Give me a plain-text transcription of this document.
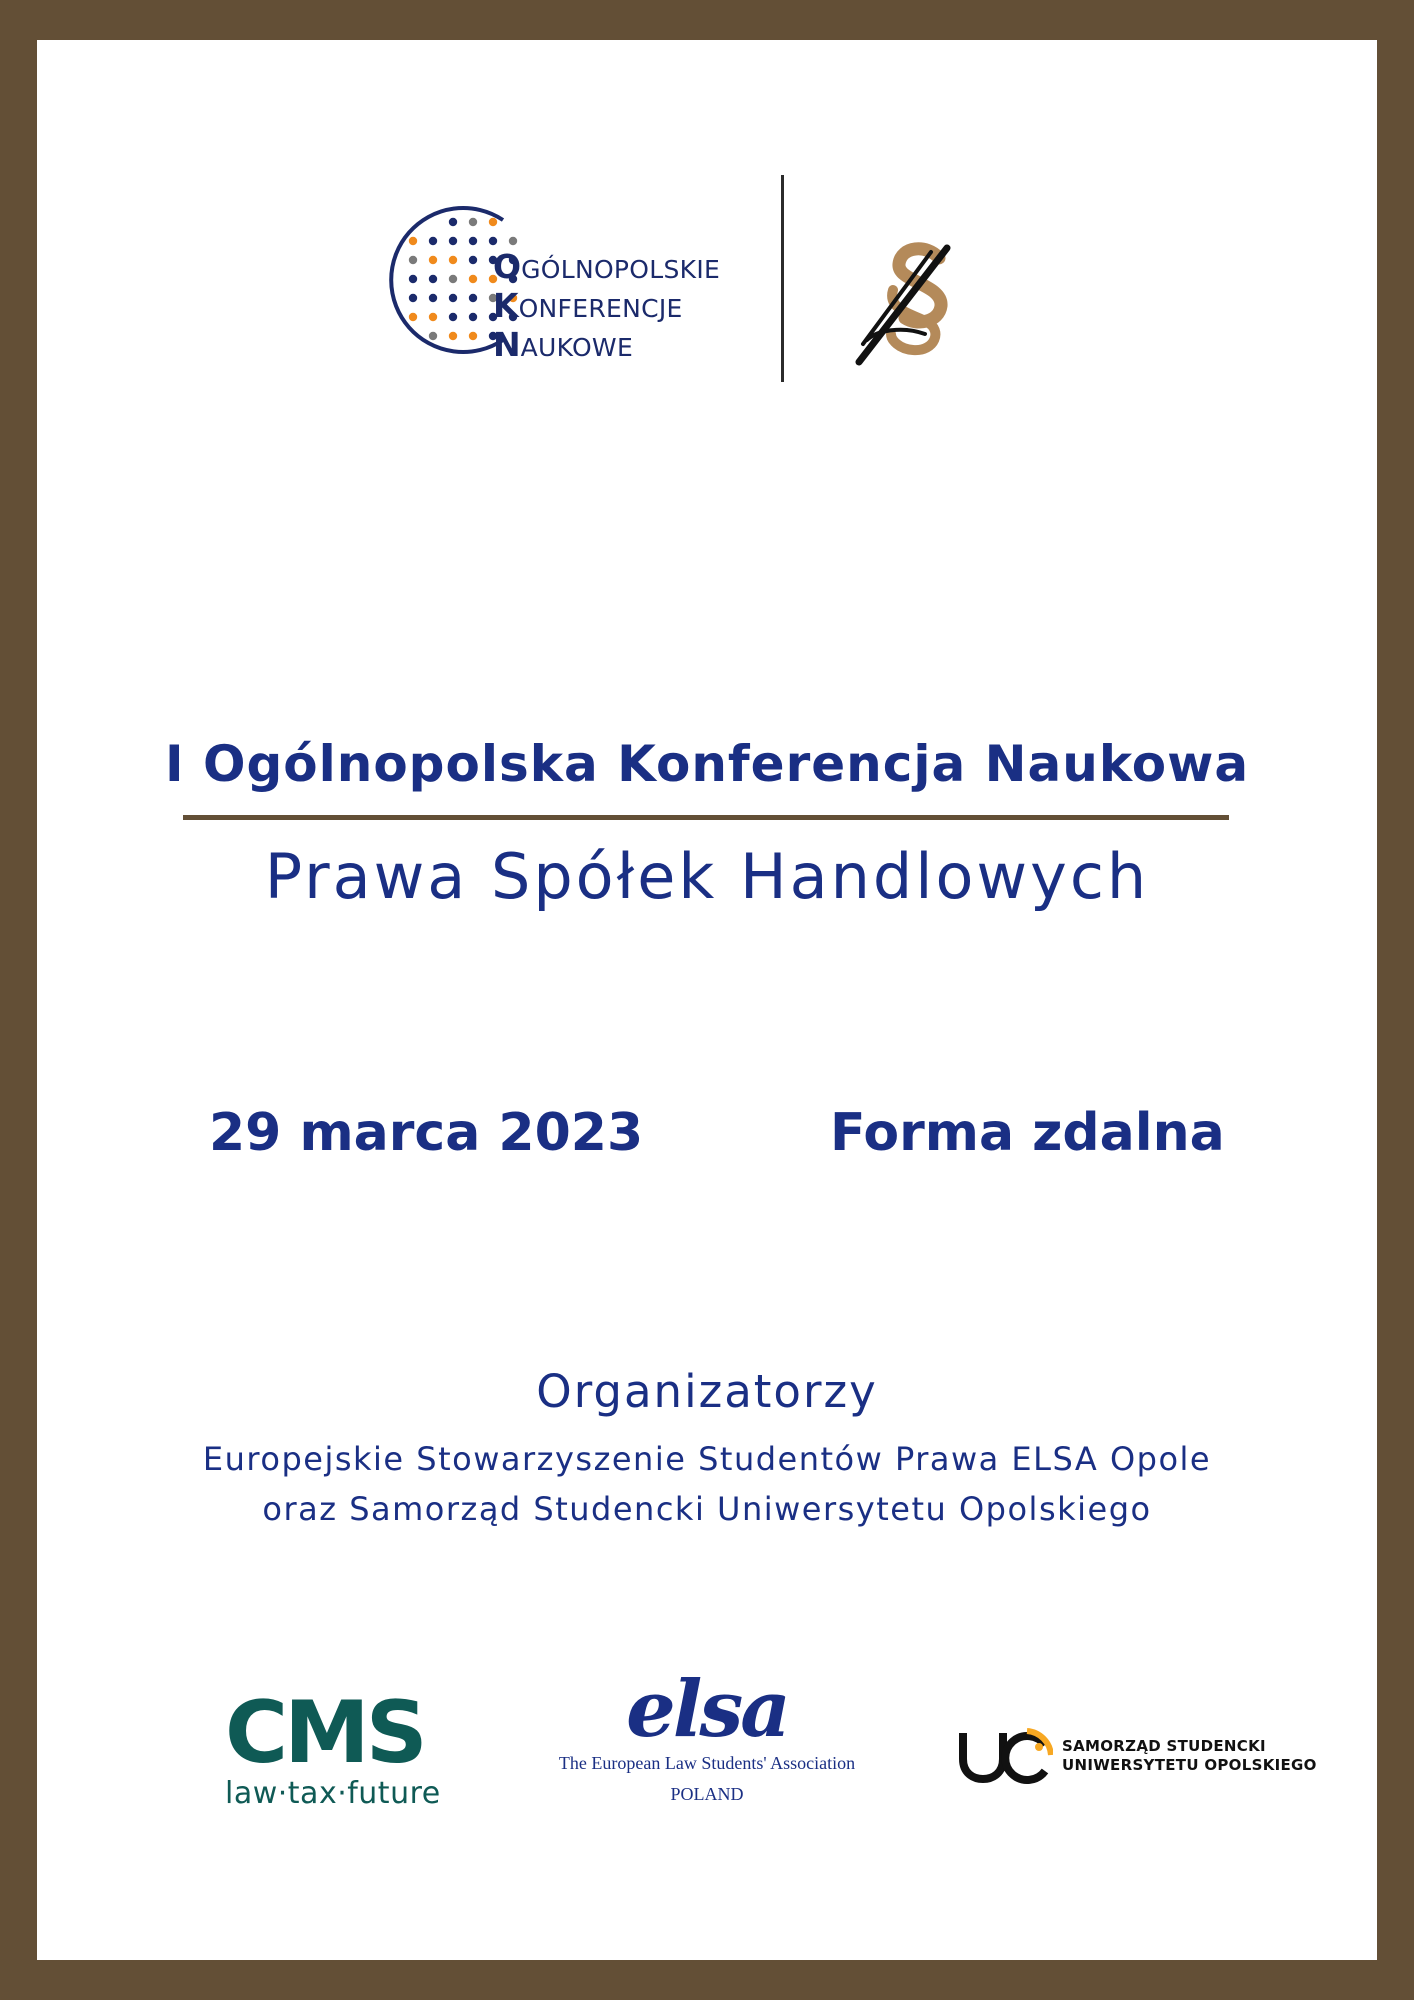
OGÓLNOPOLSKIE
KONFERENCJE
NAUKOWE
I Ogólnopolska Konferencja Naukowa
Prawa Spółek Handlowych
29 marca 2023	Forma zdalna
Organizatorzy
Europejskie Stowarzyszenie Studentów Prawa ELSA Opole
oraz Samorząd Studencki Uniwersytetu Opolskiego
CMS
law·tax·future
elsa
The European Law Students' Association
POLAND
SAMORZĄD STUDENCKI
UNIWERSYTETU OPOLSKIEGO
